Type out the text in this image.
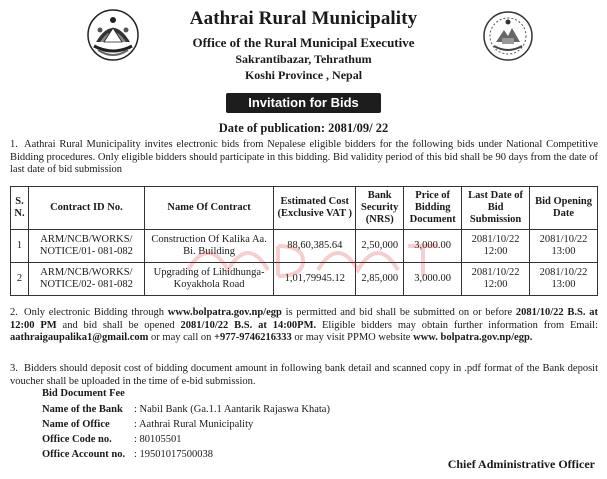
Aathrai Rural Municipality
Office of the Rural Municipal Executive
Sakrantibazar, Tehrathum
Koshi Province , Nepal
Invitation for Bids
Date of publication: 2081/09/ 22
1. Aathrai Rural Municipality invites electronic bids from Nepalese eligible bidders for the following bids under National Competitive Bidding procedures. Only eligible bidders should participate in this bidding. Bid validity period of this bid shall be 90 days from the date of last date of bid submission
S. N.	Contract ID No.	Name Of Contract	Estimated Cost (Exclusive VAT )	Bank Security (NRS)	Price of Bidding Document	Last Date of Bid Submission	Bid Opening Date
1	ARM/NCB/WORKS/ NOTICE/01- 081-082	Construction Of Kalika Aa. Bi. Building	88,60,385.64	2,50,000	3,000.00	2081/10/22 12:00	2081/10/22 13:00
2	ARM/NCB/WORKS/ NOTICE/02- 081-082	Upgrading of Lihidhunga- Koyakhola Road	1,01,79945.12	2,85,000	3,000.00	2081/10/22 12:00	2081/10/22 13:00
2. Only electronic Bidding through www.bolpatra.gov.np/egp is permitted and bid shall be submitted on or before 2081/10/22 B.S. at 12:00 PM and bid shall be opened 2081/10/22 B.S. at 14:00PM. Eligible bidders may obtain further information from Email: aathraigaupalika1@gmail.com or may call on +977-9746216333 or may visit PPMO website www. bolpatra.gov.np/egp.
3. Bidders should deposit cost of bidding document amount in following bank detail and scanned copy in .pdf format of the Bank deposit voucher shall be uploaded in the time of e-bid submission.
Bid Document Fee
Name of the Bank : Nabil Bank (Ga.1.1 Aantarik Rajaswa Khata)
Name of Office : Aathrai Rural Municipality
Office Code no. : 80105501
Office Account no. : 19501017500038
Chief Administrative Officer
